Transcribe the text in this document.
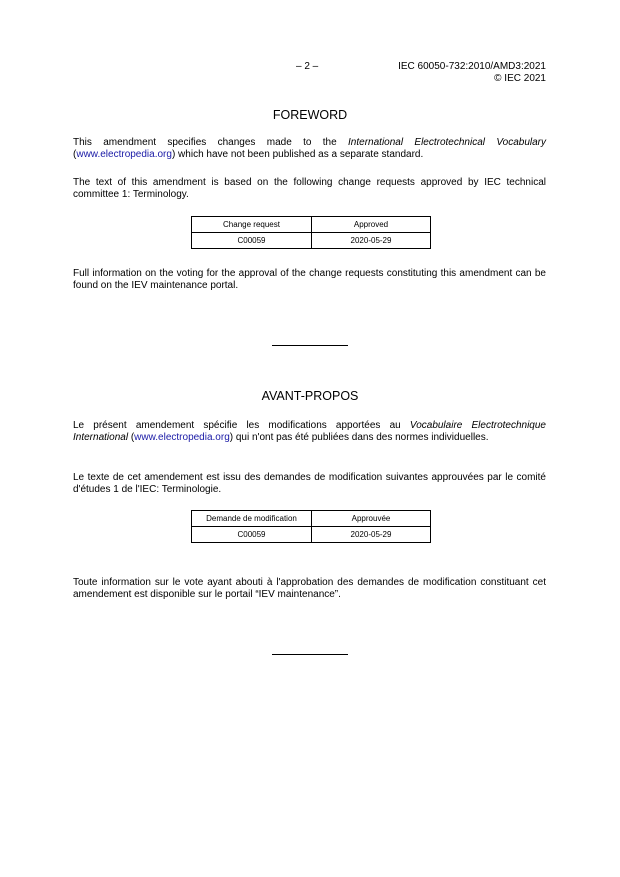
– 2 –	IEC 60050-732:2010/AMD3:2021
© IEC 2021
FOREWORD

This amendment specifies changes made to the International Electrotechnical Vocabulary (www.electropedia.org) which have not been published as a separate standard.

The text of this amendment is based on the following change requests approved by IEC technical committee 1: Terminology.

Change request	Approved
C00059	2020-05-29

Full information on the voting for the approval of the change requests constituting this amendment can be found on the IEV maintenance portal.

AVANT-PROPOS

Le présent amendement spécifie les modifications apportées au Vocabulaire Electrotechnique International (www.electropedia.org) qui n'ont pas été publiées dans des normes individuelles.

Le texte de cet amendement est issu des demandes de modification suivantes approuvées par le comité d'études 1 de l'IEC: Terminologie.

Demande de modification	Approuvée
C00059	2020-05-29

Toute information sur le vote ayant abouti à l'approbation des demandes de modification constituant cet amendement est disponible sur le portail “IEV maintenance”.
